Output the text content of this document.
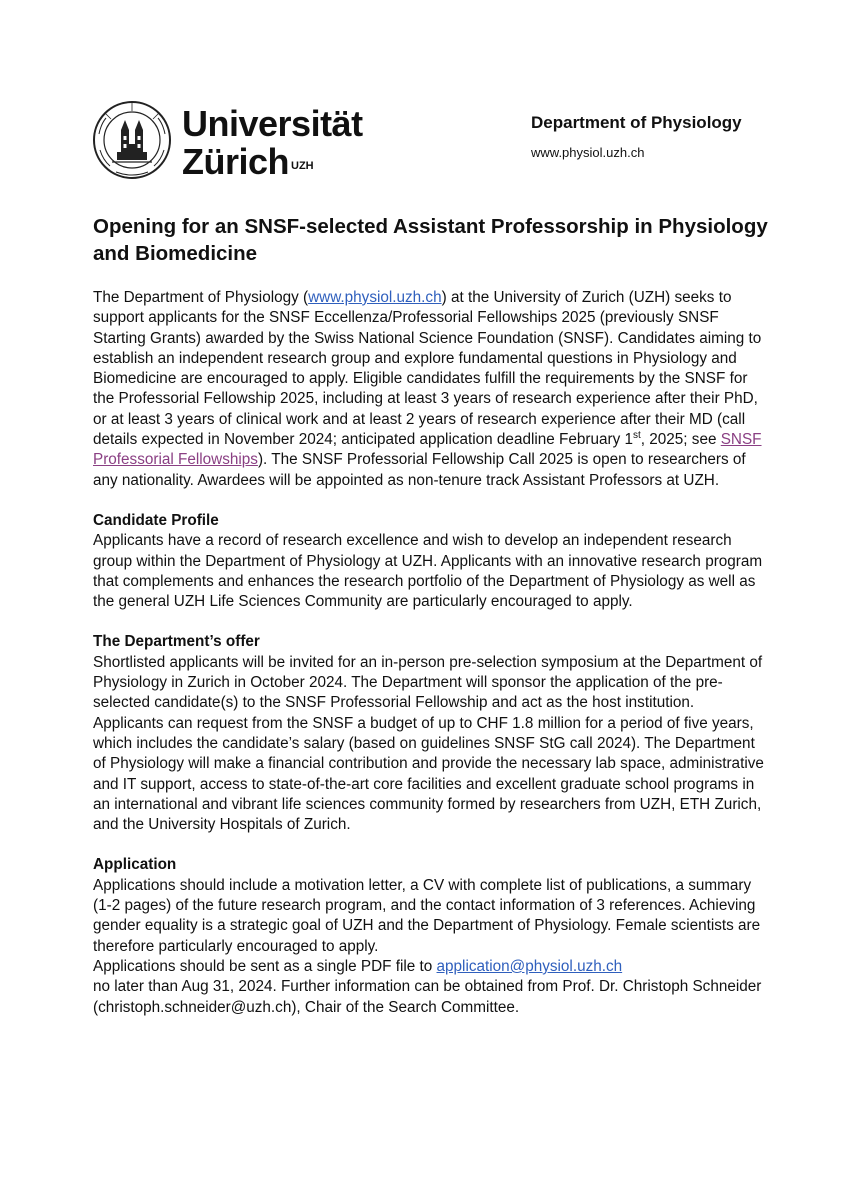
Universität
Zürich $^{UZH}$
Department of Physiology
www.physiol.uzh.ch
Opening for an SNSF-selected Assistant Professorship in Physiology and Biomedicine

The Department of Physiology (www.physiol.uzh.ch) at the University of Zurich (UZH) seeks to support applicants for the SNSF Eccellenza/Professorial Fellowships 2025 (previously SNSF Starting Grants) awarded by the Swiss National Science Foundation (SNSF). Candidates aiming to establish an independent research group and explore fundamental questions in Physiology and Biomedicine are encouraged to apply. Eligible candidates fulfill the requirements by the SNSF for the Professorial Fellowship 2025, including at least 3 years of research experience after their PhD, or at least 3 years of clinical work and at least 2 years of research experience after their MD (call details expected in November 2024; anticipated application deadline February 1st, 2025; see SNSF Professorial Fellowships). The SNSF Professorial Fellowship Call 2025 is open to researchers of any nationality. Awardees will be appointed as non-tenure track Assistant Professors at UZH.

Candidate Profile

Applicants have a record of research excellence and wish to develop an independent research group within the Department of Physiology at UZH. Applicants with an innovative research program that complements and enhances the research portfolio of the Department of Physiology as well as the general UZH Life Sciences Community are particularly encouraged to apply.

The Department’s offer

Shortlisted applicants will be invited for an in-person pre-selection symposium at the Department of Physiology in Zurich in October 2024. The Department will sponsor the application of the pre-selected candidate(s) to the SNSF Professorial Fellowship and act as the host institution. Applicants can request from the SNSF a budget of up to CHF 1.8 million for a period of five years, which includes the candidate’s salary (based on guidelines SNSF StG call 2024). The Department of Physiology will make a financial contribution and provide the necessary lab space, administrative and IT support, access to state-of-the-art core facilities and excellent graduate school programs in an international and vibrant life sciences community formed by researchers from UZH, ETH Zurich, and the University Hospitals of Zurich.

Application

Applications should include a motivation letter, a CV with complete list of publications, a summary (1-2 pages) of the future research program, and the contact information of 3 references. Achieving gender equality is a strategic goal of UZH and the Department of Physiology. Female scientists are therefore particularly encouraged to apply.

Applications should be sent as a single PDF file to application@physiol.uzh.ch

no later than Aug 31, 2024. Further information can be obtained from Prof. Dr. Christoph Schneider (christoph.schneider@uzh.ch), Chair of the Search Committee.
